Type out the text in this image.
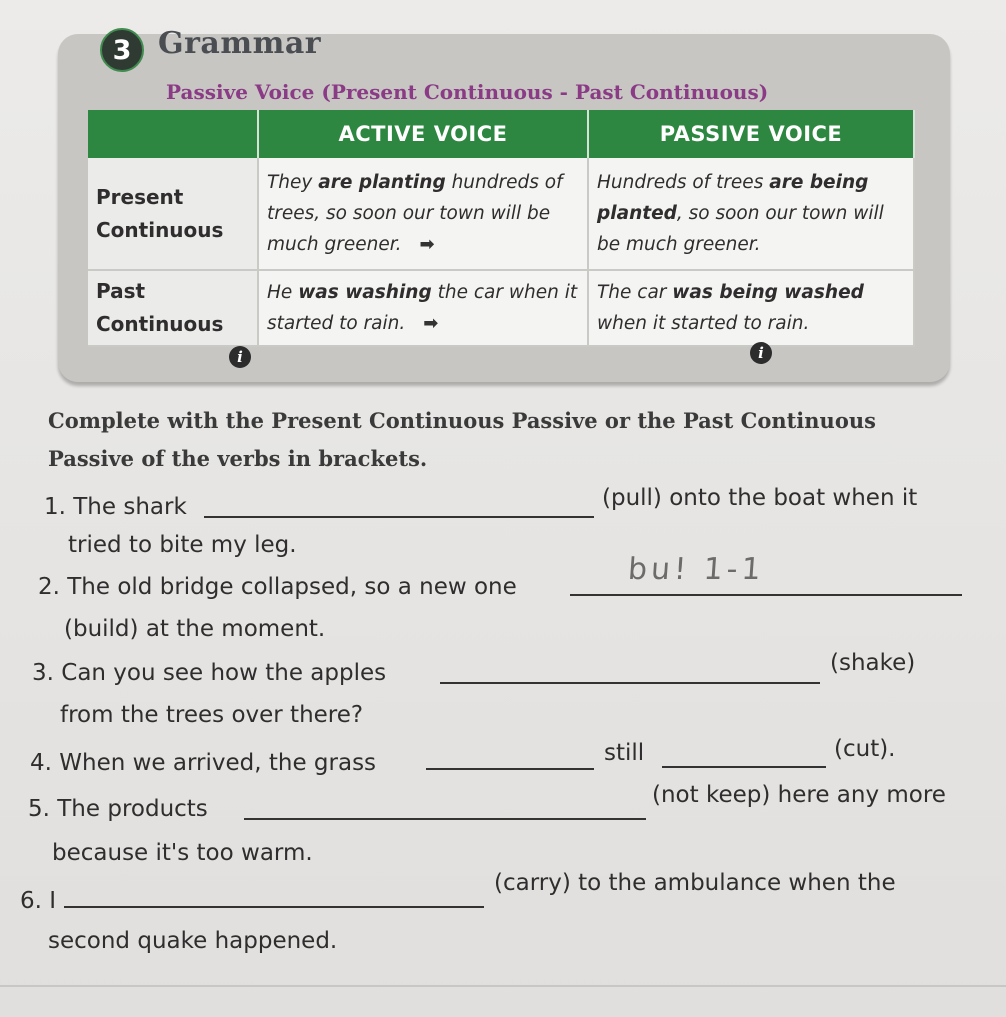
3 Grammar
Passive Voice (Present Continuous - Past Continuous)
	ACTIVE VOICE	PASSIVE VOICE
Present Continuous	They are planting hundreds of trees, so soon our town will be much greener. ➡	Hundreds of trees are being planted, so soon our town will be much greener.
Past Continuous	He was washing the car when it started to rain. ➡	The car was being washed when it started to rain.
i	i
Complete with the Present Continuous Passive or the Past Continuous Passive of the verbs in brackets.
1. The shark	(pull) onto the boat when it
tried to bite my leg.
2. The old bridge collapsed, so a new one	bu! 1-1
(build) at the moment.
3. Can you see how the apples	(shake)
from the trees over there?
4. When we arrived, the grass	still	(cut).
5. The products
(not keep) here any more
because it's too warm.
6. I
(carry) to the ambulance when the
second quake happened.
